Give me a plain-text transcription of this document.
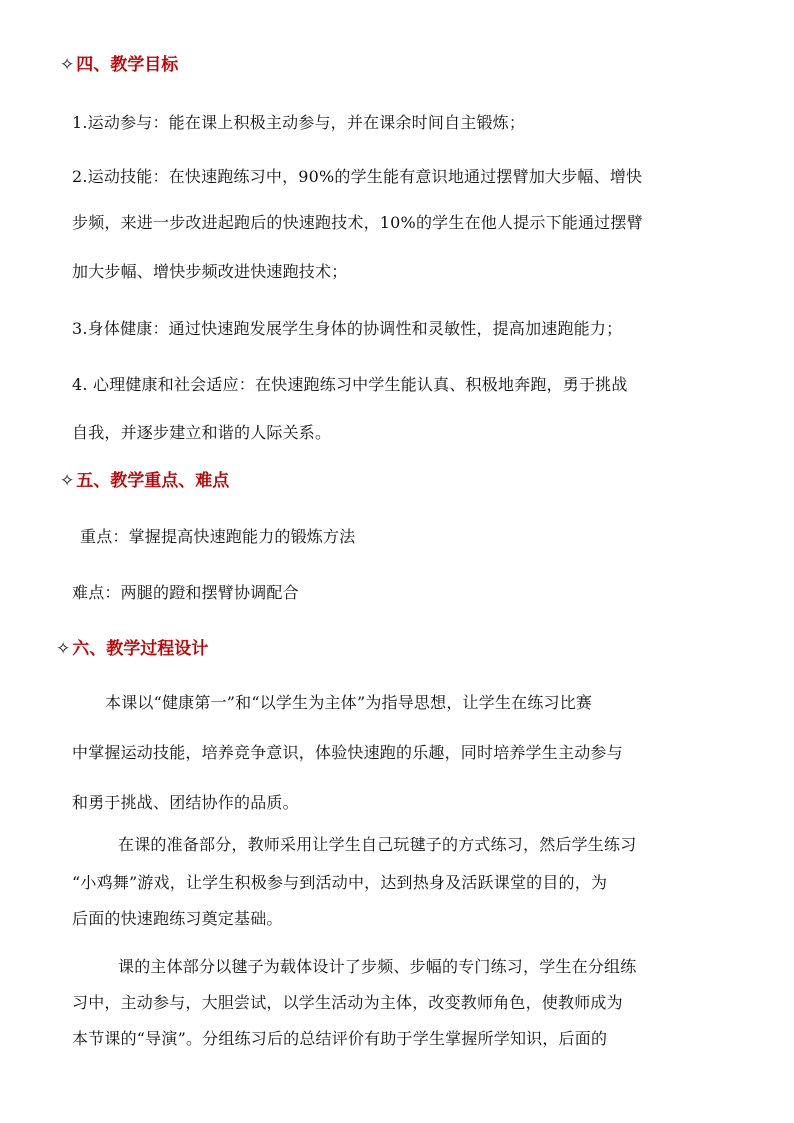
✧ 四、教学目标
1.运动参与：能在课上积极主动参与，并在课余时间自主锻炼；
2.运动技能：在快速跑练习中，90%的学生能有意识地通过摆臂加大步幅、增快
步频，来进一步改进起跑后的快速跑技术，10%的学生在他人提示下能通过摆臂
加大步幅、增快步频改进快速跑技术；
3.身体健康：通过快速跑发展学生身体的协调性和灵敏性，提高加速跑能力；
4. 心理健康和社会适应：在快速跑练习中学生能认真、积极地奔跑，勇于挑战
自我，并逐步建立和谐的人际关系。
✧ 五、教学重点、难点
重点：掌握提高快速跑能力的锻炼方法
难点：两腿的蹬和摆臂协调配合
✧ 六、教学过程设计
本课以“健康第一”和“以学生为主体”为指导思想，让学生在练习比赛
中掌握运动技能，培养竞争意识，体验快速跑的乐趣，同时培养学生主动参与
和勇于挑战、团结协作的品质。
在课的准备部分，教师采用让学生自己玩毽子的方式练习，然后学生练习
“小鸡舞”游戏，让学生积极参与到活动中，达到热身及活跃课堂的目的，为
后面的快速跑练习奠定基础。
课的主体部分以毽子为载体设计了步频、步幅的专门练习，学生在分组练
习中，主动参与，大胆尝试，以学生活动为主体，改变教师角色，使教师成为
本节课的“导演”。分组练习后的总结评价有助于学生掌握所学知识，后面的
